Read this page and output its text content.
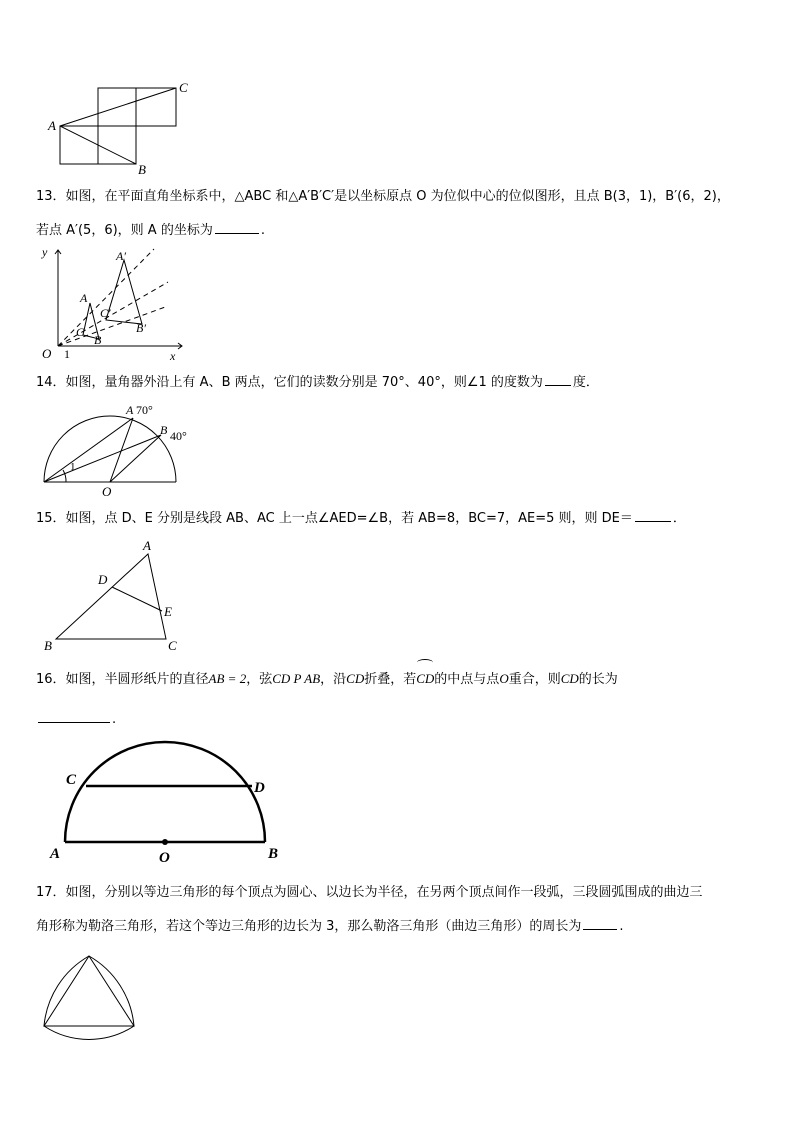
A
B
C
13．如图，在平面直角坐标系中，△ABC 和△A′B′C′是以坐标原点 O 为位似中心的位似图形，且点 B(3，1)，B′(6，2)，
若点 A′(5，6)，则 A 的坐标为	.
y
x
O 1
A
A′
B
B′
C
C′
14．如图，量角器外沿上有 A、B 两点，它们的读数分别是 70°、40°，则∠1 的度数为 度．
A 70°
B 40°
O
1
15．如图，点 D、E 分别是线段 AB、AC 上一点∠AED=∠B，若 AB=8，BC=7，AE=5 则，则 DE＝	．
A
B	C
D
E
16．如图，半圆形纸片的直径AB = 2，弦CD P AB，沿CD折叠，若CD的中点与点O重合，则CD的长为
.
A	B
C	D
O
17．如图，分别以等边三角形的每个顶点为圆心、以边长为半径，在另两个顶点间作一段弧，三段圆弧围成的曲边三
角形称为勒洛三角形，若这个等边三角形的边长为 3，那么勒洛三角形（曲边三角形）的周长为	.
